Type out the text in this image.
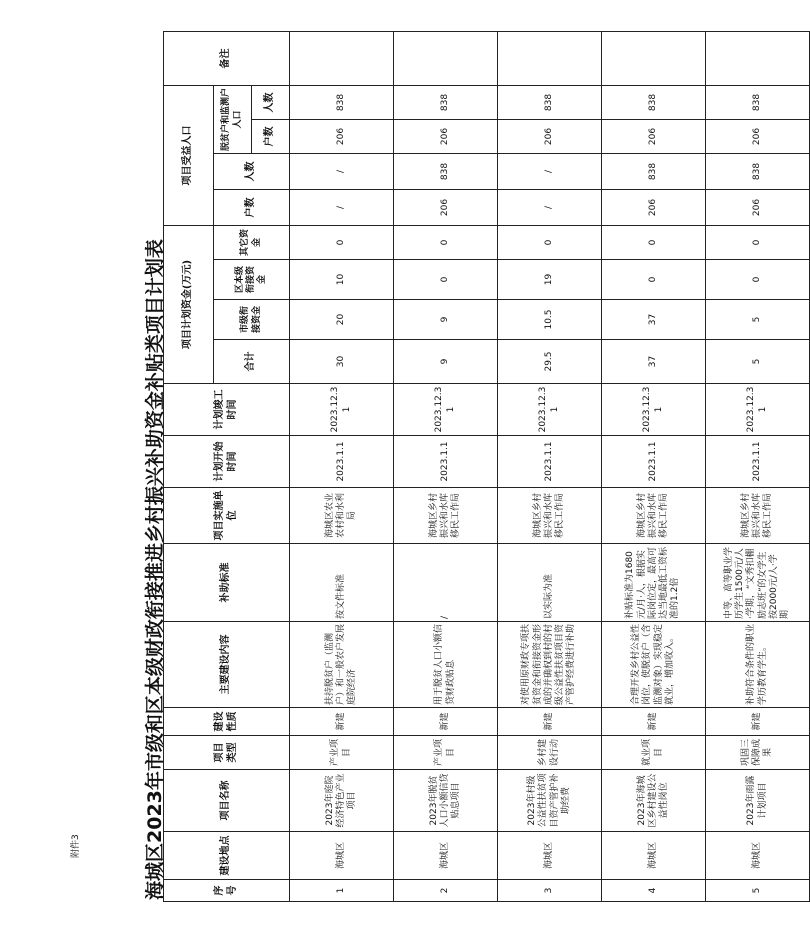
附件3	海城区2023年市级和区本级财政衔接推进乡村振兴补助资金补贴类项目计划表	序号	建设地点	项目名称	项目类型	建设性质	主要建设内容	补助标准	项目实施单位	计划开始时间	计划竣工时间	项目计划资金(万元)				项目受益人口				备注
										合计	市级衔接资金	区本级衔接资金	其它资金	户数	人数	脱贫户和监测户人口		
																户数	人数	
1	海城区	2023年庭院经济特色产业项目	产业项目	新建	扶持脱贫户（监测户）和一般农户发展庭院经济	按文件标准	海城区农业农村和水利局	2023.1.1	2023.12.31	30	20	10	0	/	/	206	838	
2	海城区	2023年脱贫人口小额信贷贴息项目	产业项目	新建	用于脱贫人口小额信贷财政贴息	/	海城区乡村振兴和水库移民工作局	2023.1.1	2023.12.31	9	9	0	0	206	838	206	838	
3	海城区	2023年村级公益性扶贫项目资产管护补助经费	乡村建设行动	新建	对使用原财政专项扶贫资金和衔接资金形成的并确权到村的村级公益性扶贫项目资产管护经费进行补助	以实际为准	海城区乡村振兴和水库移民工作局	2023.1.1	2023.12.31	29.5	10.5	19	0	/	/	206	838	
4	海城区	2023年海城区乡村建设公益性岗位	就业项目	新建	合理开发乡村公益性岗位，使脱贫户（含监测对象）实现稳定就业，增加收入。	补贴标准为1680元/月·人，根据实际岗位定，最高可达当地最低工资标准的1.2倍	海城区乡村振兴和水库移民工作局	2023.1.1	2023.12.31	37	37	0	0	206	838	206	838	
5	海城区	2023年雨露计划项目	巩固三保障成果	新建	补助符合条件的职业学历教育学生。	中等、高等职业学历学生1500元/人·学期，“文秀扣棚励志班”的女学生按2000元/人·学期	海城区乡村振兴和水库移民工作局	2023.1.1	2023.12.31	5	5	0	0	206	838	206	838	
